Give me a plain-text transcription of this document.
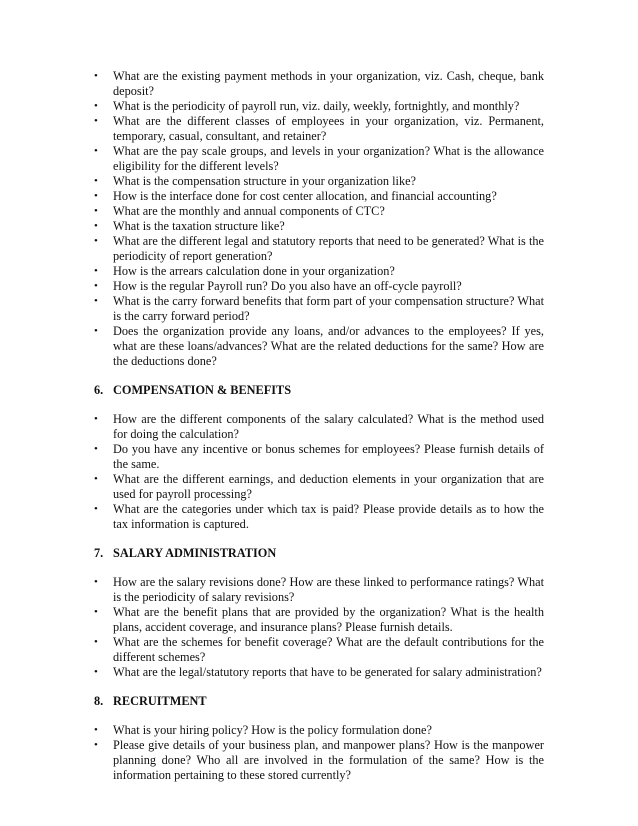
•	What are the existing payment methods in your organization, viz. Cash, cheque, bank deposit?
•	What is the periodicity of payroll run, viz. daily, weekly, fortnightly, and monthly?
•	What are the different classes of employees in your organization, viz. Permanent, temporary, casual, consultant, and retainer?
•	What are the pay scale groups, and levels in your organization? What is the allowance eligibility for the different levels?
•	What is the compensation structure in your organization like?
•	How is the interface done for cost center allocation, and financial accounting?
•	What are the monthly and annual components of CTC?
•	What is the taxation structure like?
•	What are the different legal and statutory reports that need to be generated? What is the periodicity of report generation?
•	How is the arrears calculation done in your organization?
•	How is the regular Payroll run? Do you also have an off-cycle payroll?
•	What is the carry forward benefits that form part of your compensation structure? What is the carry forward period?
•	Does the organization provide any loans, and/or advances to the employees? If yes, what are these loans/advances? What are the related deductions for the same? How are the deductions done?
6. COMPENSATION & BENEFITS
•	How are the different components of the salary calculated? What is the method used for doing the calculation?
•	Do you have any incentive or bonus schemes for employees? Please furnish details of the same.
•	What are the different earnings, and deduction elements in your organization that are used for payroll processing?
•	What are the categories under which tax is paid? Please provide details as to how the tax information is captured.
7. SALARY ADMINISTRATION
•	How are the salary revisions done? How are these linked to performance ratings? What is the periodicity of salary revisions?
•	What are the benefit plans that are provided by the organization? What is the health plans, accident coverage, and insurance plans? Please furnish details.
•	What are the schemes for benefit coverage? What are the default contributions for the different schemes?
•	What are the legal/statutory reports that have to be generated for salary administration?
8. RECRUITMENT
•	What is your hiring policy? How is the policy formulation done?
•	Please give details of your business plan, and manpower plans? How is the manpower planning done? Who all are involved in the formulation of the same? How is the information pertaining to these stored currently?
